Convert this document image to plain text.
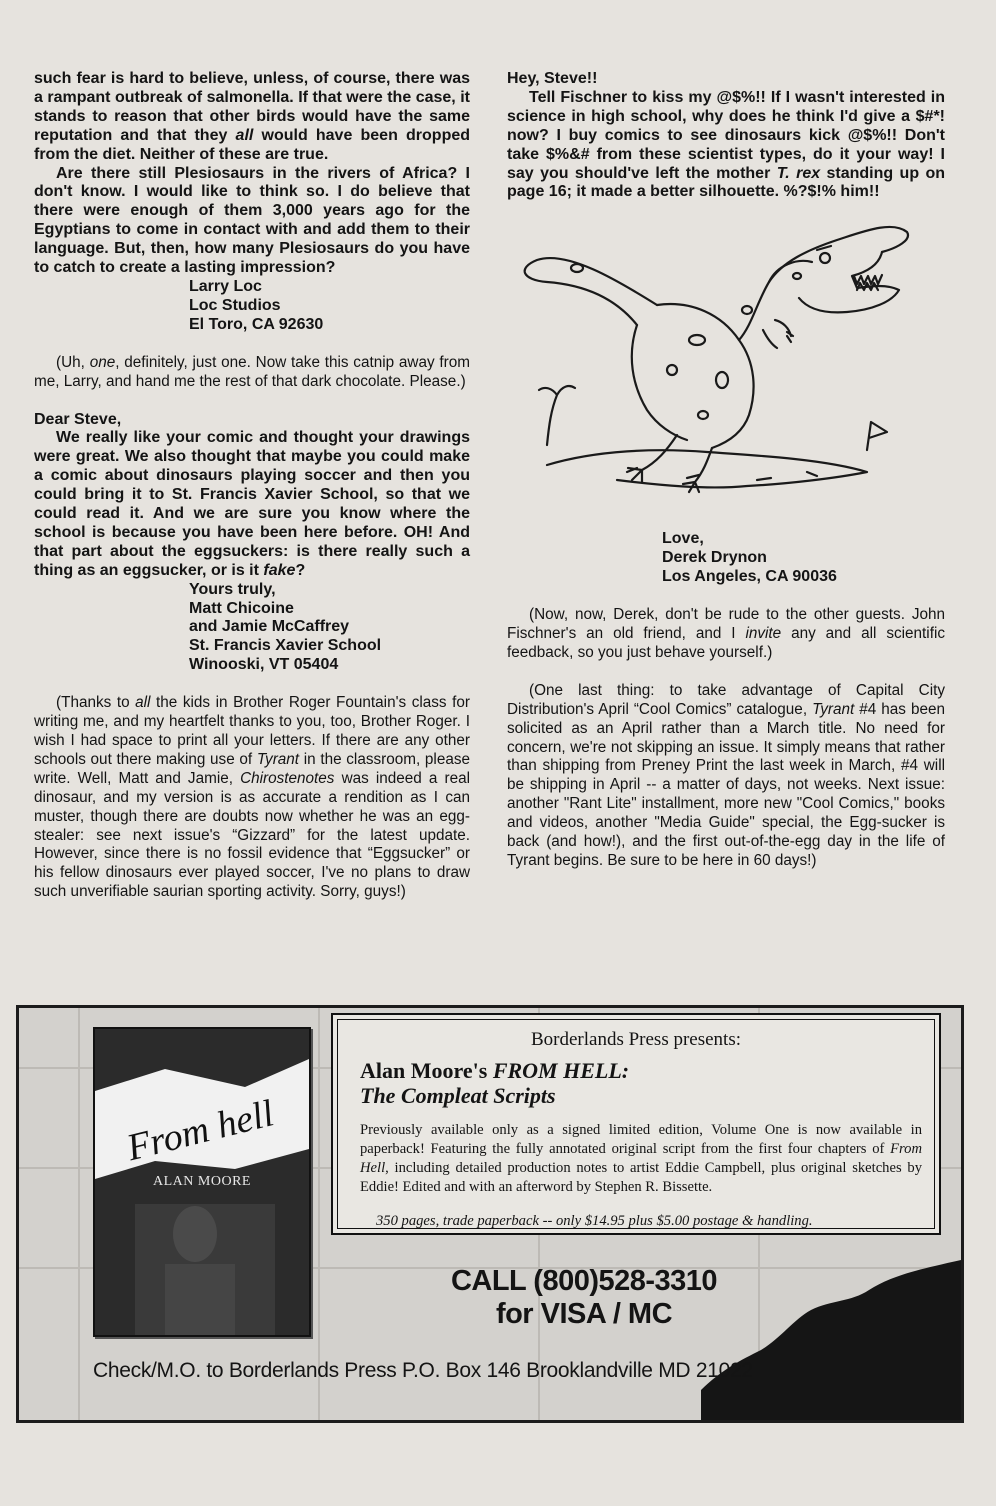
such fear is hard to believe, unless, of course, there was a rampant outbreak of salmonella. If that were the case, it stands to reason that other birds would have the same reputation and that they all would have been dropped from the diet. Neither of these are true.

Are there still Plesiosaurs in the rivers of Africa? I don't know. I would like to think so. I do believe that there were enough of them 3,000 years ago for the Egyptians to come in contact with and add them to their language. But, then, how many Plesiosaurs do you have to catch to create a lasting impression?

Larry Loc
Loc Studios
El Toro, CA 92630

(Uh, one, definitely, just one. Now take this catnip away from me, Larry, and hand me the rest of that dark chocolate. Please.)

Dear Steve,

We really like your comic and thought your drawings were great. We also thought that maybe you could make a comic about dinosaurs playing soccer and then you could bring it to St. Francis Xavier School, so that we could read it. And we are sure you know where the school is because you have been here before. OH! And that part about the eggsuckers: is there really such a thing as an eggsucker, or is it fake?

Yours truly,
Matt Chicoine
and Jamie McCaffrey
St. Francis Xavier School
Winooski, VT 05404

(Thanks to all the kids in Brother Roger Fountain's class for writing me, and my heartfelt thanks to you, too, Brother Roger. I wish I had space to print all your letters. If there are any other schools out there making use of Tyrant in the classroom, please write. Well, Matt and Jamie, Chirostenotes was indeed a real dinosaur, and my version is as accurate a rendition as I can muster, though there are doubts now whether he was an egg-stealer: see next issue's “Gizzard” for the latest update. However, since there is no fossil evidence that “Eggsucker” or his fellow dinosaurs ever played soccer, I've no plans to draw such unverifiable saurian sporting activity. Sorry, guys!)

Hey, Steve!!

Tell Fischner to kiss my @$%!! If I wasn't interested in science in high school, why does he think I'd give a $#*! now? I buy comics to see dinosaurs kick @$%!! Don't take $%&# from these scientist types, do it your way! I say you should've left the mother T. rex standing up on page 16; it made a better silhouette. %?$!% him!!

Love,
Derek Drynon
Los Angeles, CA 90036

(Now, now, Derek, don't be rude to the other guests. John Fischner's an old friend, and I invite any and all scientific feedback, so you just behave yourself.)

(One last thing: to take advantage of Capital City Distribution's April “Cool Comics” catalogue, Tyrant #4 has been solicited as an April rather than a March title. No need for concern, we're not skipping an issue. It simply means that rather than shipping from Preney Print the last week in March, #4 will be shipping in April -- a matter of days, not weeks. Next issue: another "Rant Lite" installment, more new "Cool Comics," books and videos, another "Media Guide" special, the Egg-sucker is back (and how!), and the first out-of-the-egg day in the life of Tyrant begins. Be sure to be here in 60 days!)

From hell
ALAN MOORE
Borderlands Press presents:
Alan Moore's FROM HELL:
The Compleat Scripts
Previously available only as a signed limited edition, Volume One is now available in paperback! Featuring the fully annotated original script from the first four chapters of From Hell, including detailed production notes to artist Eddie Campbell, plus original sketches by Eddie! Edited and with an afterword by Stephen R. Bissette.
350 pages, trade paperback -- only $14.95 plus $5.00 postage & handling.
CALL (800)528-3310
for VISA / MC
Check/M.O. to Borderlands Press P.O. Box 146 Brooklandville MD 21022
